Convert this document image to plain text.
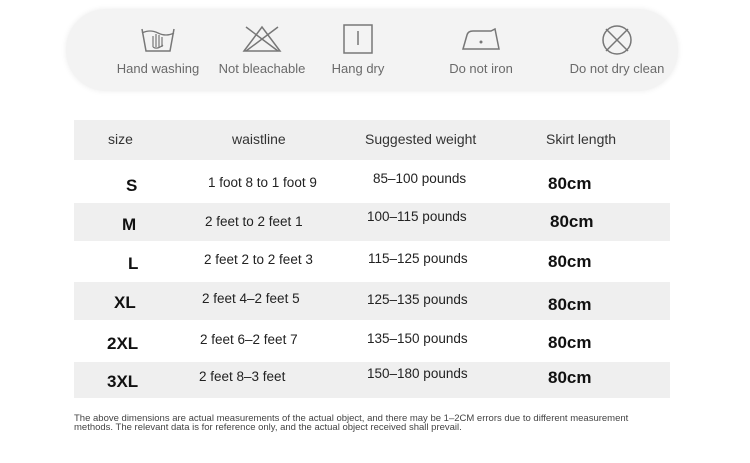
Hand washing	Not bleachable	Hang dry	Do not iron	Do not dry clean
size	waistline	Suggested weight	Skirt length
S	1 foot 8 to 1 foot 9	85–100 pounds	80cm
M	2 feet to 2 feet 1	100–115 pounds	80cm
L	2 feet 2 to 2 feet 3	115–125 pounds	80cm
XL	2 feet 4–2 feet 5	125–135 pounds	80cm
2XL	2 feet 6–2 feet 7	135–150 pounds	80cm
3XL	2 feet 8–3 feet	150–180 pounds	80cm
The above dimensions are actual measurements of the actual object, and there may be 1–2CM errors due to different measurement
methods. The relevant data is for reference only, and the actual object received shall prevail.
